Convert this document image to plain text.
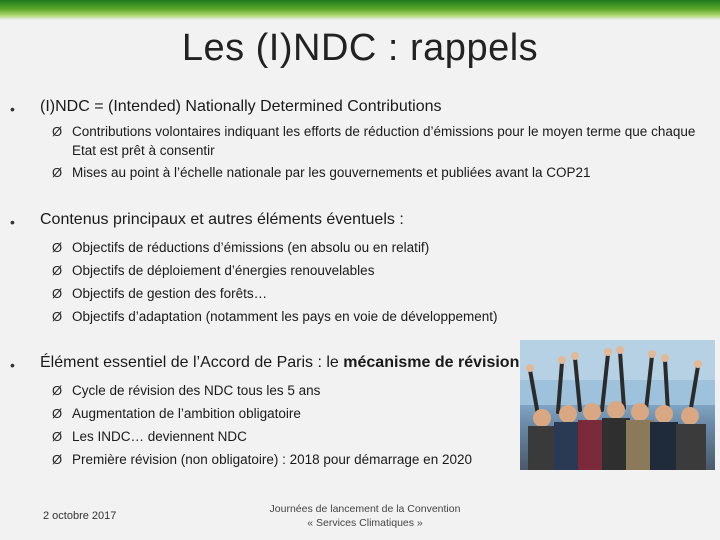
Les (I)NDC : rappels
• (I)NDC = (Intended) Nationally Determined Contributions
Ø Contributions volontaires indiquant les efforts de réduction d’émissions pour le moyen terme que chaque Etat est prêt à consentir
Ø Mises au point à l’échelle nationale par les gouvernements et publiées avant la COP21
• Contenus principaux et autres éléments éventuels :
Ø Objectifs de réductions d’émissions (en absolu ou en relatif)
Ø Objectifs de déploiement d’énergies renouvelables
Ø Objectifs de gestion des forêts…
Ø Objectifs d’adaptation (notamment les pays en voie de développement)
• Élément essentiel de l’Accord de Paris : le mécanisme de révision
Ø Cycle de révision des NDC tous les 5 ans
Ø Augmentation de l’ambition obligatoire
Ø Les INDC… deviennent NDC
Ø Première révision (non obligatoire) : 2018 pour démarrage en 2020
2 octobre 2017
Journées de lancement de la Convention
« Services Climatiques »
